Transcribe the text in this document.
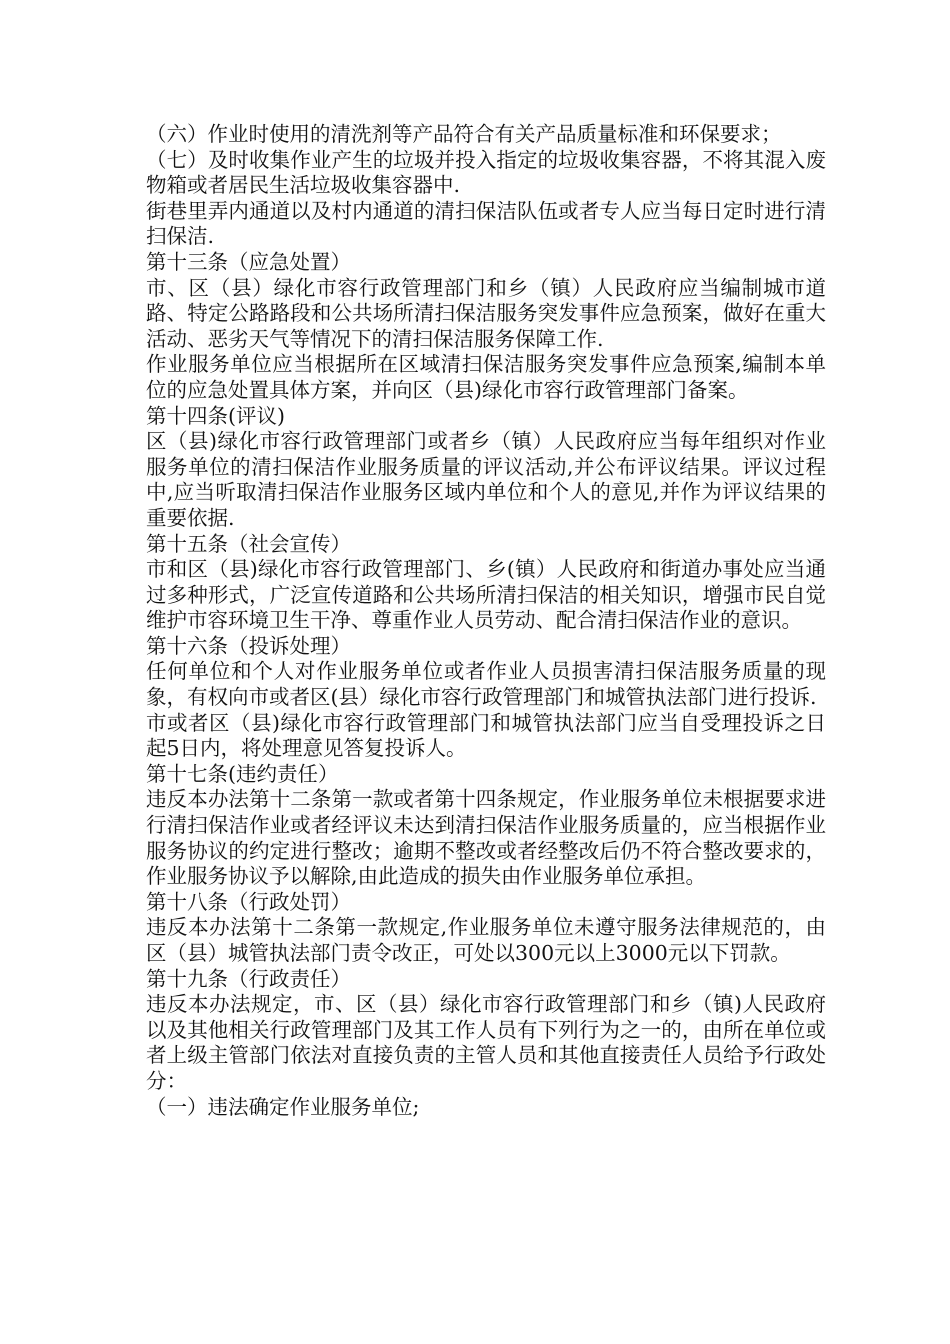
（六）作业时使用的清洗剂等产品符合有关产品质量标准和环保要求；

（七）及时收集作业产生的垃圾并投入指定的垃圾收集容器，不将其混入废物箱或者居民生活垃圾收集容器中.

街巷里弄内通道以及村内通道的清扫保洁队伍或者专人应当每日定时进行清扫保洁.

第十三条（应急处置）

市、区（县）绿化市容行政管理部门和乡（镇）人民政府应当编制城市道路、特定公路路段和公共场所清扫保洁服务突发事件应急预案，做好在重大活动、恶劣天气等情况下的清扫保洁服务保障工作.

作业服务单位应当根据所在区域清扫保洁服务突发事件应急预案,编制本单位的应急处置具体方案，并向区（县)绿化市容行政管理部门备案。

第十四条(评议)

区（县)绿化市容行政管理部门或者乡（镇）人民政府应当每年组织对作业服务单位的清扫保洁作业服务质量的评议活动,并公布评议结果。评议过程中,应当听取清扫保洁作业服务区域内单位和个人的意见,并作为评议结果的重要依据.

第十五条（社会宣传）

市和区（县)绿化市容行政管理部门、乡(镇）人民政府和街道办事处应当通过多种形式，广泛宣传道路和公共场所清扫保洁的相关知识，增强市民自觉维护市容环境卫生干净、尊重作业人员劳动、配合清扫保洁作业的意识。

第十六条（投诉处理）

任何单位和个人对作业服务单位或者作业人员损害清扫保洁服务质量的现象，有权向市或者区(县）绿化市容行政管理部门和城管执法部门进行投诉.

市或者区（县)绿化市容行政管理部门和城管执法部门应当自受理投诉之日起5日内，将处理意见答复投诉人。

第十七条(违约责任）

违反本办法第十二条第一款或者第十四条规定，作业服务单位未根据要求进行清扫保洁作业或者经评议未达到清扫保洁作业服务质量的，应当根据作业服务协议的约定进行整改；逾期不整改或者经整改后仍不符合整改要求的，作业服务协议予以解除,由此造成的损失由作业服务单位承担。

第十八条（行政处罚）

违反本办法第十二条第一款规定,作业服务单位未遵守服务法律规范的，由区（县）城管执法部门责令改正，可处以300元以上3000元以下罚款。

第十九条（行政责任）

违反本办法规定，市、区（县）绿化市容行政管理部门和乡（镇)人民政府以及其他相关行政管理部门及其工作人员有下列行为之一的，由所在单位或者上级主管部门依法对直接负责的主管人员和其他直接责任人员给予行政处分：

（一）违法确定作业服务单位;
